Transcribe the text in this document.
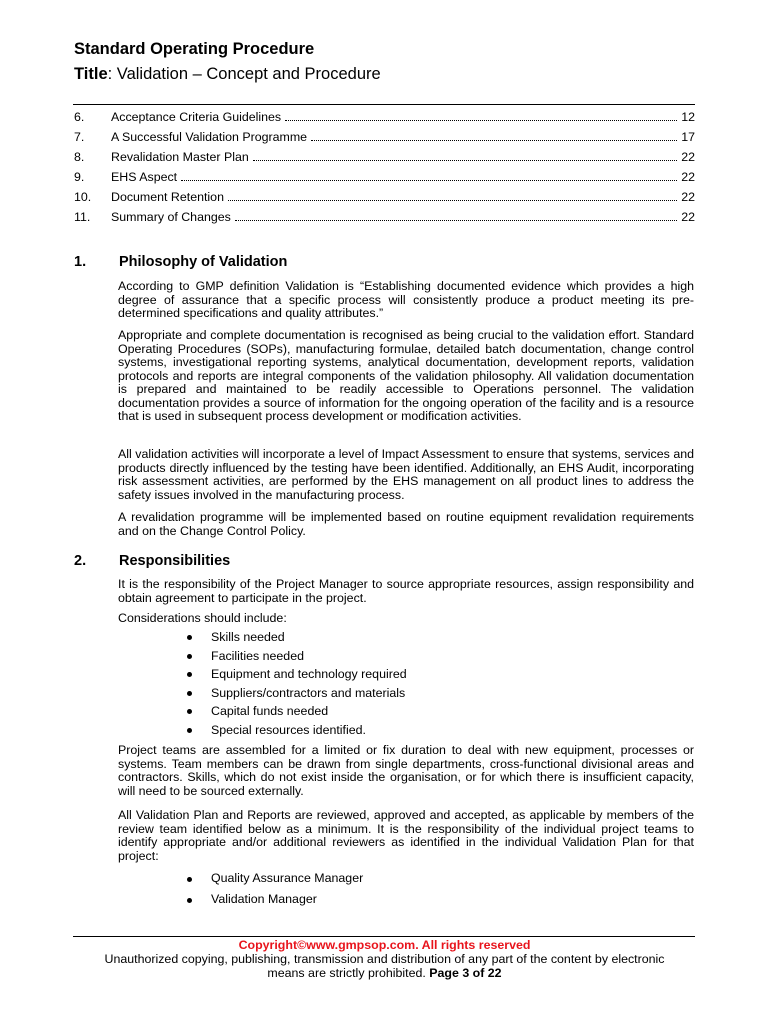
Standard Operating Procedure
Title: Validation – Concept and Procedure
6.	Acceptance Criteria Guidelines	12
7.	A Successful Validation Programme	17
8.	Revalidation Master Plan	22
9.	EHS Aspect	22
10.	Document Retention	22
11.	Summary of Changes	22
1. Philosophy of Validation

According to GMP definition Validation is “Establishing documented evidence which provides a high degree of assurance that a specific process will consistently produce a product meeting its pre-determined specifications and quality attributes.”

Appropriate and complete documentation is recognised as being crucial to the validation effort. Standard Operating Procedures (SOPs), manufacturing formulae, detailed batch documentation, change control systems, investigational reporting systems, analytical documentation, development reports, validation protocols and reports are integral components of the validation philosophy. All validation documentation is prepared and maintained to be readily accessible to Operations personnel. The validation documentation provides a source of information for the ongoing operation of the facility and is a resource that is used in subsequent process development or modification activities.

All validation activities will incorporate a level of Impact Assessment to ensure that systems, services and products directly influenced by the testing have been identified. Additionally, an EHS Audit, incorporating risk assessment activities, are performed by the EHS management on all product lines to address the safety issues involved in the manufacturing process.

A revalidation programme will be implemented based on routine equipment revalidation requirements and on the Change Control Policy.

2. Responsibilities

It is the responsibility of the Project Manager to source appropriate resources, assign responsibility and obtain agreement to participate in the project.

Considerations should include:

Skills needed
Facilities needed
Equipment and technology required
Suppliers/contractors and materials
Capital funds needed
Special resources identified.

Project teams are assembled for a limited or fix duration to deal with new equipment, processes or systems. Team members can be drawn from single departments, cross-functional divisional areas and contractors. Skills, which do not exist inside the organisation, or for which there is insufficient capacity, will need to be sourced externally.

All Validation Plan and Reports are reviewed, approved and accepted, as applicable by members of the review team identified below as a minimum. It is the responsibility of the individual project teams to identify appropriate and/or additional reviewers as identified in the individual Validation Plan for that project:

Quality Assurance Manager
Validation Manager
Copyright©www.gmpsop.com. All rights reserved
Unauthorized copying, publishing, transmission and distribution of any part of the content by electronic
means are strictly prohibited. Page 3 of 22
